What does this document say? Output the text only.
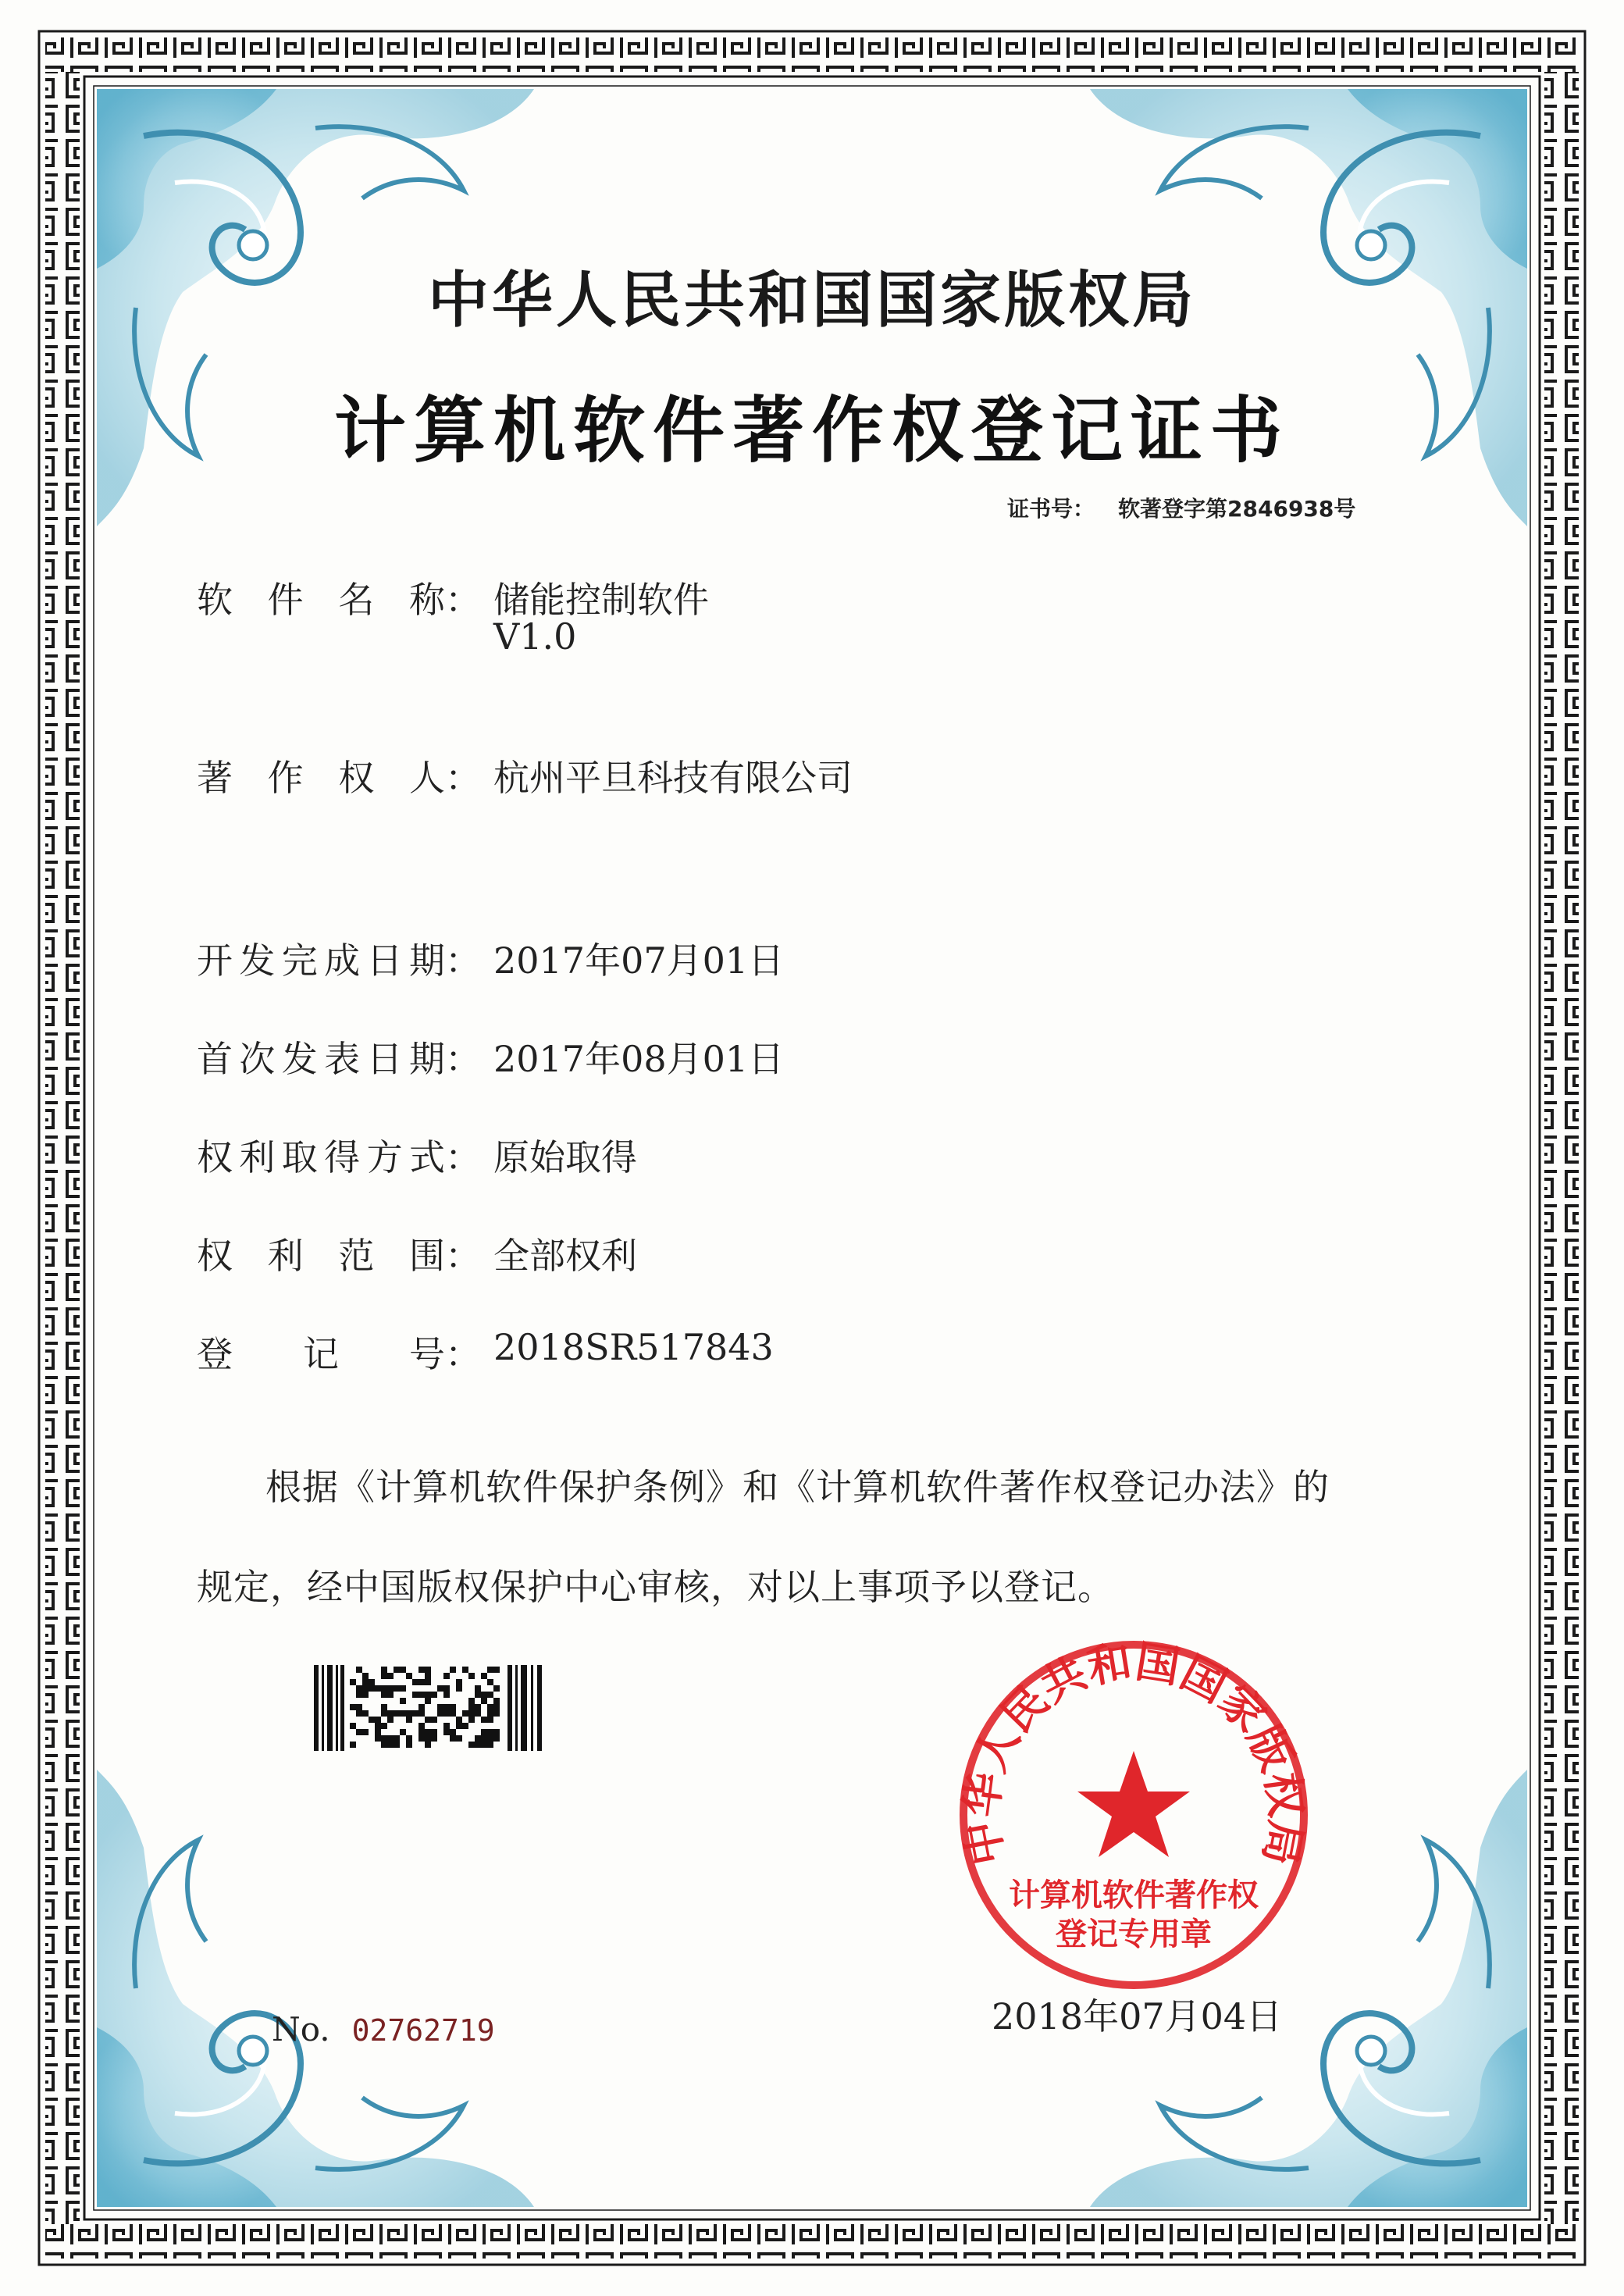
中华人民共和国国家版权局
计算机软件著作权登记证书
证书号： 软著登字第2846938号
软 件 名 称 ： 储能控制软件
著 作 权 人 ： 杭州平旦科技有限公司
开 发 完 成 日 期 ： 2017年07月01日
首 次 发 表 日 期 ： 2017年08月01日
权 利 取 得 方 式 ： 原始取得
权 利 范 围 ： 全部权利
登 记 号 ： 2018SR517843
V1.0
根据《计算机软件保护条例》和《计算机软件著作权登记办法》的
规定，经中国版权保护中心审核，对以上事项予以登记。
No. 02762719
中华人民共和国国家版权局
计算机软件著作权
登记专用章
2018年07月04日
